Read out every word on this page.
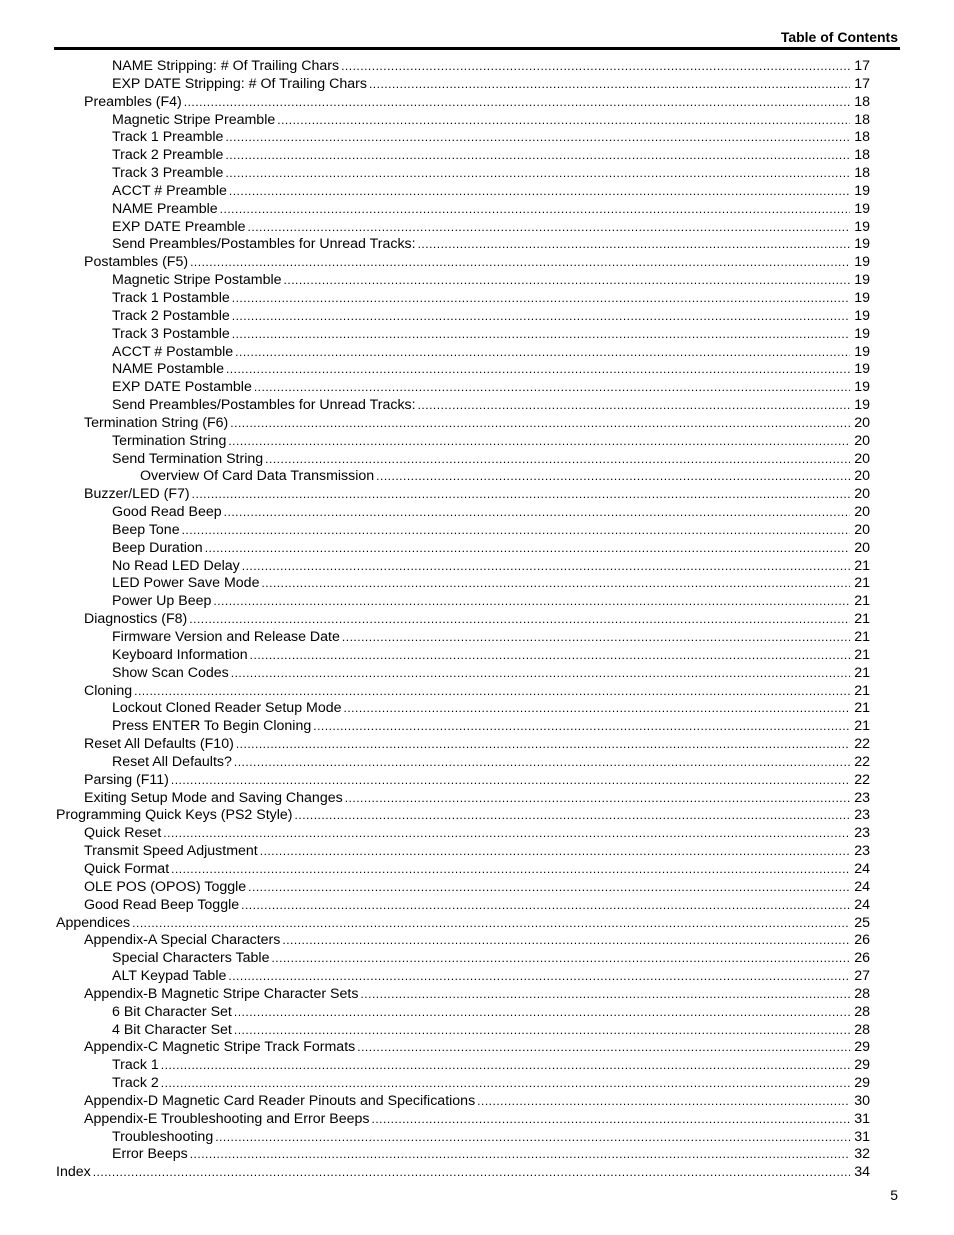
Table of Contents
NAME Stripping: # Of Trailing Chars .....	17
EXP DATE Stripping: # Of Trailing Chars .....	17
Preambles (F4) .....	18
Magnetic Stripe Preamble .....	18
Track 1 Preamble .....	18
Track 2 Preamble .....	18
Track 3 Preamble .....	18
ACCT # Preamble .....	19
NAME Preamble .....	19
EXP DATE Preamble .....	19
Send Preambles/Postambles for Unread Tracks: .....	19
Postambles (F5) .....	19
Magnetic Stripe Postamble .....	19
Track 1 Postamble .....	19
Track 2 Postamble .....	19
Track 3 Postamble .....	19
ACCT # Postamble .....	19
NAME Postamble .....	19
EXP DATE Postamble .....	19
Send Preambles/Postambles for Unread Tracks: .....	19
Termination String (F6) .....	20
Termination String .....	20
Send Termination String .....	20
Overview Of Card Data Transmission .....	20
Buzzer/LED (F7) .....	20
Good Read Beep .....	20
Beep Tone .....	20
Beep Duration .....	20
No Read LED Delay .....	21
LED Power Save Mode .....	21
Power Up Beep .....	21
Diagnostics (F8) .....	21
Firmware Version and Release Date .....	21
Keyboard Information .....	21
Show Scan Codes .....	21
Cloning .....	21
Lockout Cloned Reader Setup Mode .....	21
Press ENTER To Begin Cloning .....	21
Reset All Defaults (F10) .....	22
Reset All Defaults? .....	22
Parsing (F11) .....	22
Exiting Setup Mode and Saving Changes .....	23
Programming Quick Keys (PS2 Style) .....	23
Quick Reset .....	23
Transmit Speed Adjustment .....	23
Quick Format .....	24
OLE POS (OPOS) Toggle .....	24
Good Read Beep Toggle .....	24
Appendices .....	25
Appendix-A Special Characters .....	26
Special Characters Table .....	26
ALT Keypad Table .....	27
Appendix-B Magnetic Stripe Character Sets .....	28
6 Bit Character Set .....	28
4 Bit Character Set .....	28
Appendix-C Magnetic Stripe Track Formats .....	29
Track 1 .....	29
Track 2 .....	29
Appendix-D Magnetic Card Reader Pinouts and Specifications .....	30
Appendix-E Troubleshooting and Error Beeps .....	31
Troubleshooting .....	31
Error Beeps .....	32
Index .....	34
5
